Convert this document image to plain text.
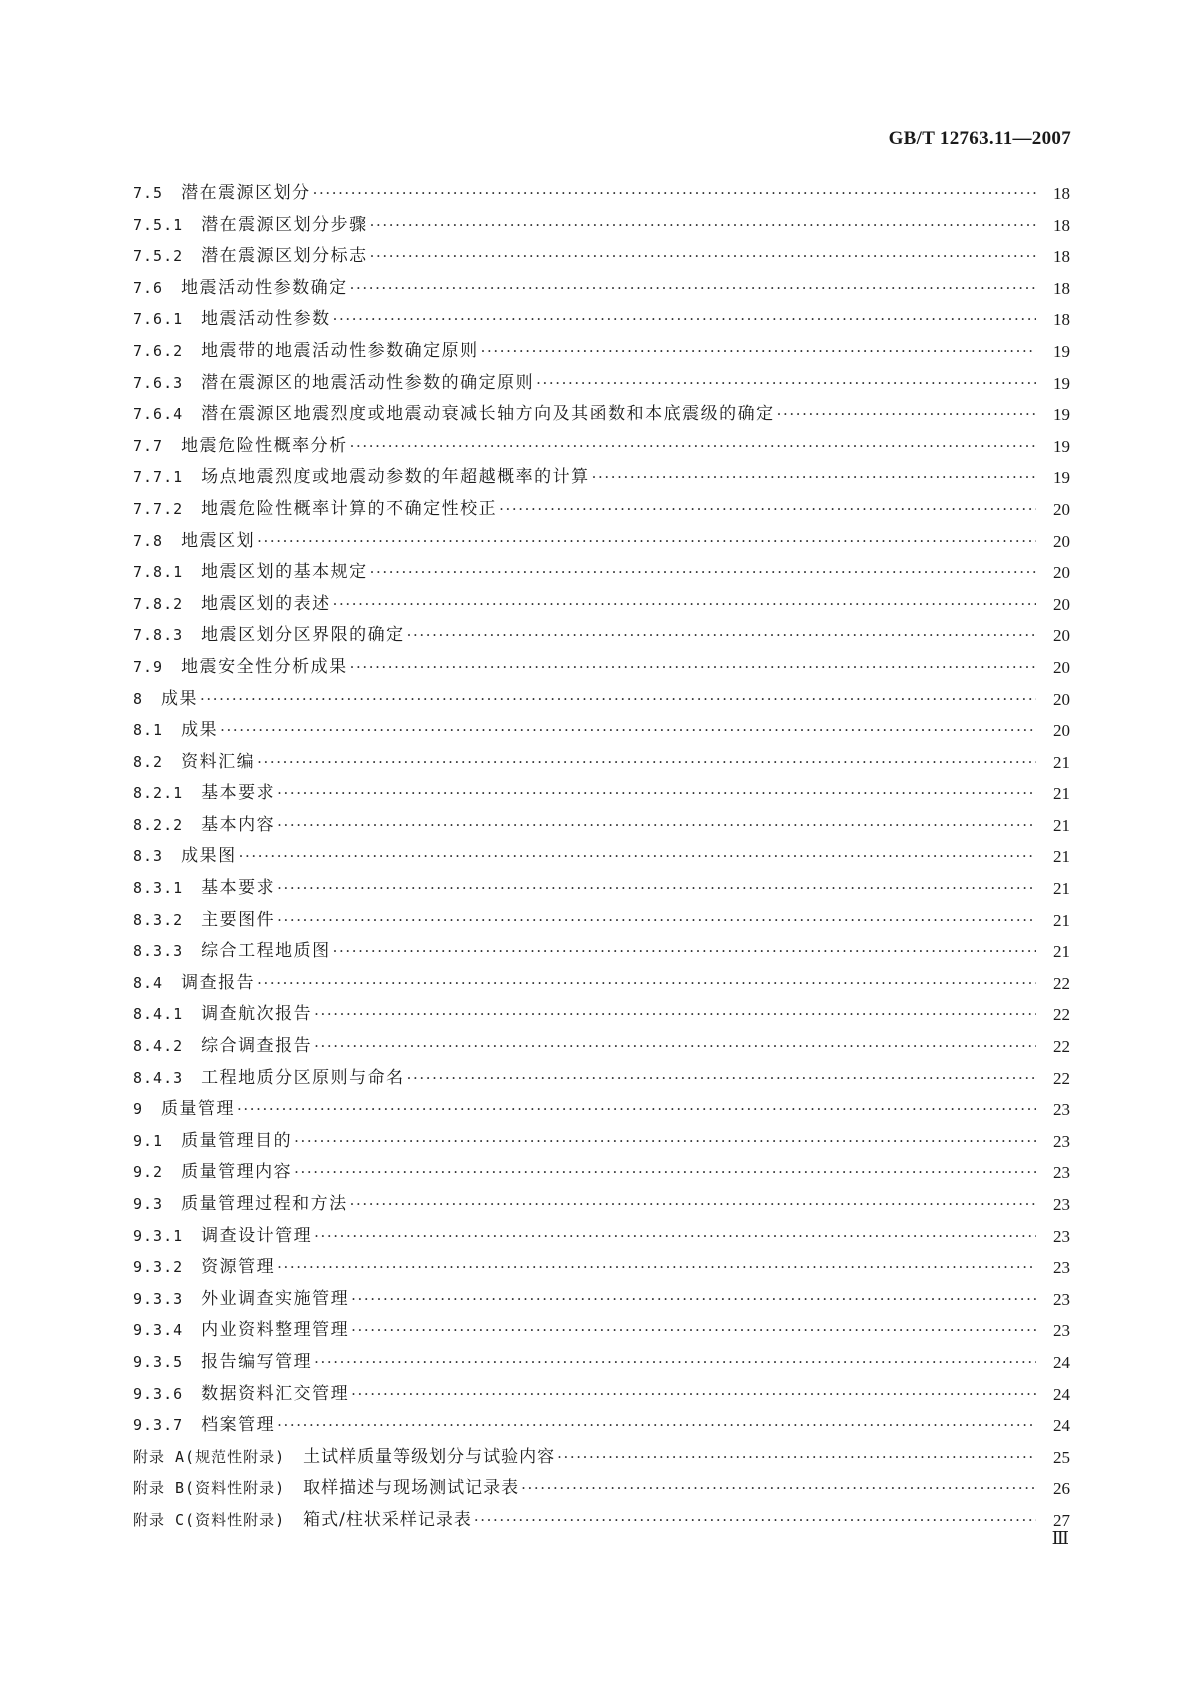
GB/T 12763.11—2007
7.5 潜在震源区划分 ·····	18
7.5.1 潜在震源区划分步骤 ·····	18
7.5.2 潜在震源区划分标志 ·····	18
7.6 地震活动性参数确定 ·····	18
7.6.1 地震活动性参数 ·····	18
7.6.2 地震带的地震活动性参数确定原则 ·····	19
7.6.3 潜在震源区的地震活动性参数的确定原则 ·····	19
7.6.4 潜在震源区地震烈度或地震动衰减长轴方向及其函数和本底震级的确定 ·····	19
7.7 地震危险性概率分析 ·····	19
7.7.1 场点地震烈度或地震动参数的年超越概率的计算 ·····	19
7.7.2 地震危险性概率计算的不确定性校正 ·····	20
7.8 地震区划 ·····	20
7.8.1 地震区划的基本规定 ·····	20
7.8.2 地震区划的表述 ·····	20
7.8.3 地震区划分区界限的确定 ·····	20
7.9 地震安全性分析成果 ·····	20
8 成果 ·····	20
8.1 成果 ·····	20
8.2 资料汇编 ·····	21
8.2.1 基本要求 ·····	21
8.2.2 基本内容 ·····	21
8.3 成果图 ·····	21
8.3.1 基本要求 ·····	21
8.3.2 主要图件 ·····	21
8.3.3 综合工程地质图 ·····	21
8.4 调查报告 ·····	22
8.4.1 调查航次报告 ·····	22
8.4.2 综合调查报告 ·····	22
8.4.3 工程地质分区原则与命名 ·····	22
9 质量管理 ·····	23
9.1 质量管理目的 ·····	23
9.2 质量管理内容 ·····	23
9.3 质量管理过程和方法 ·····	23
9.3.1 调查设计管理 ·····	23
9.3.2 资源管理 ·····	23
9.3.3 外业调查实施管理 ·····	23
9.3.4 内业资料整理管理 ·····	23
9.3.5 报告编写管理 ·····	24
9.3.6 数据资料汇交管理 ·····	24
9.3.7 档案管理 ·····	24
附录 A(规范性附录) 土试样质量等级划分与试验内容 ·····	25
附录 B(资料性附录) 取样描述与现场测试记录表 ·····	26
附录 C(资料性附录) 箱式/柱状采样记录表 ·····	27
Ⅲ
